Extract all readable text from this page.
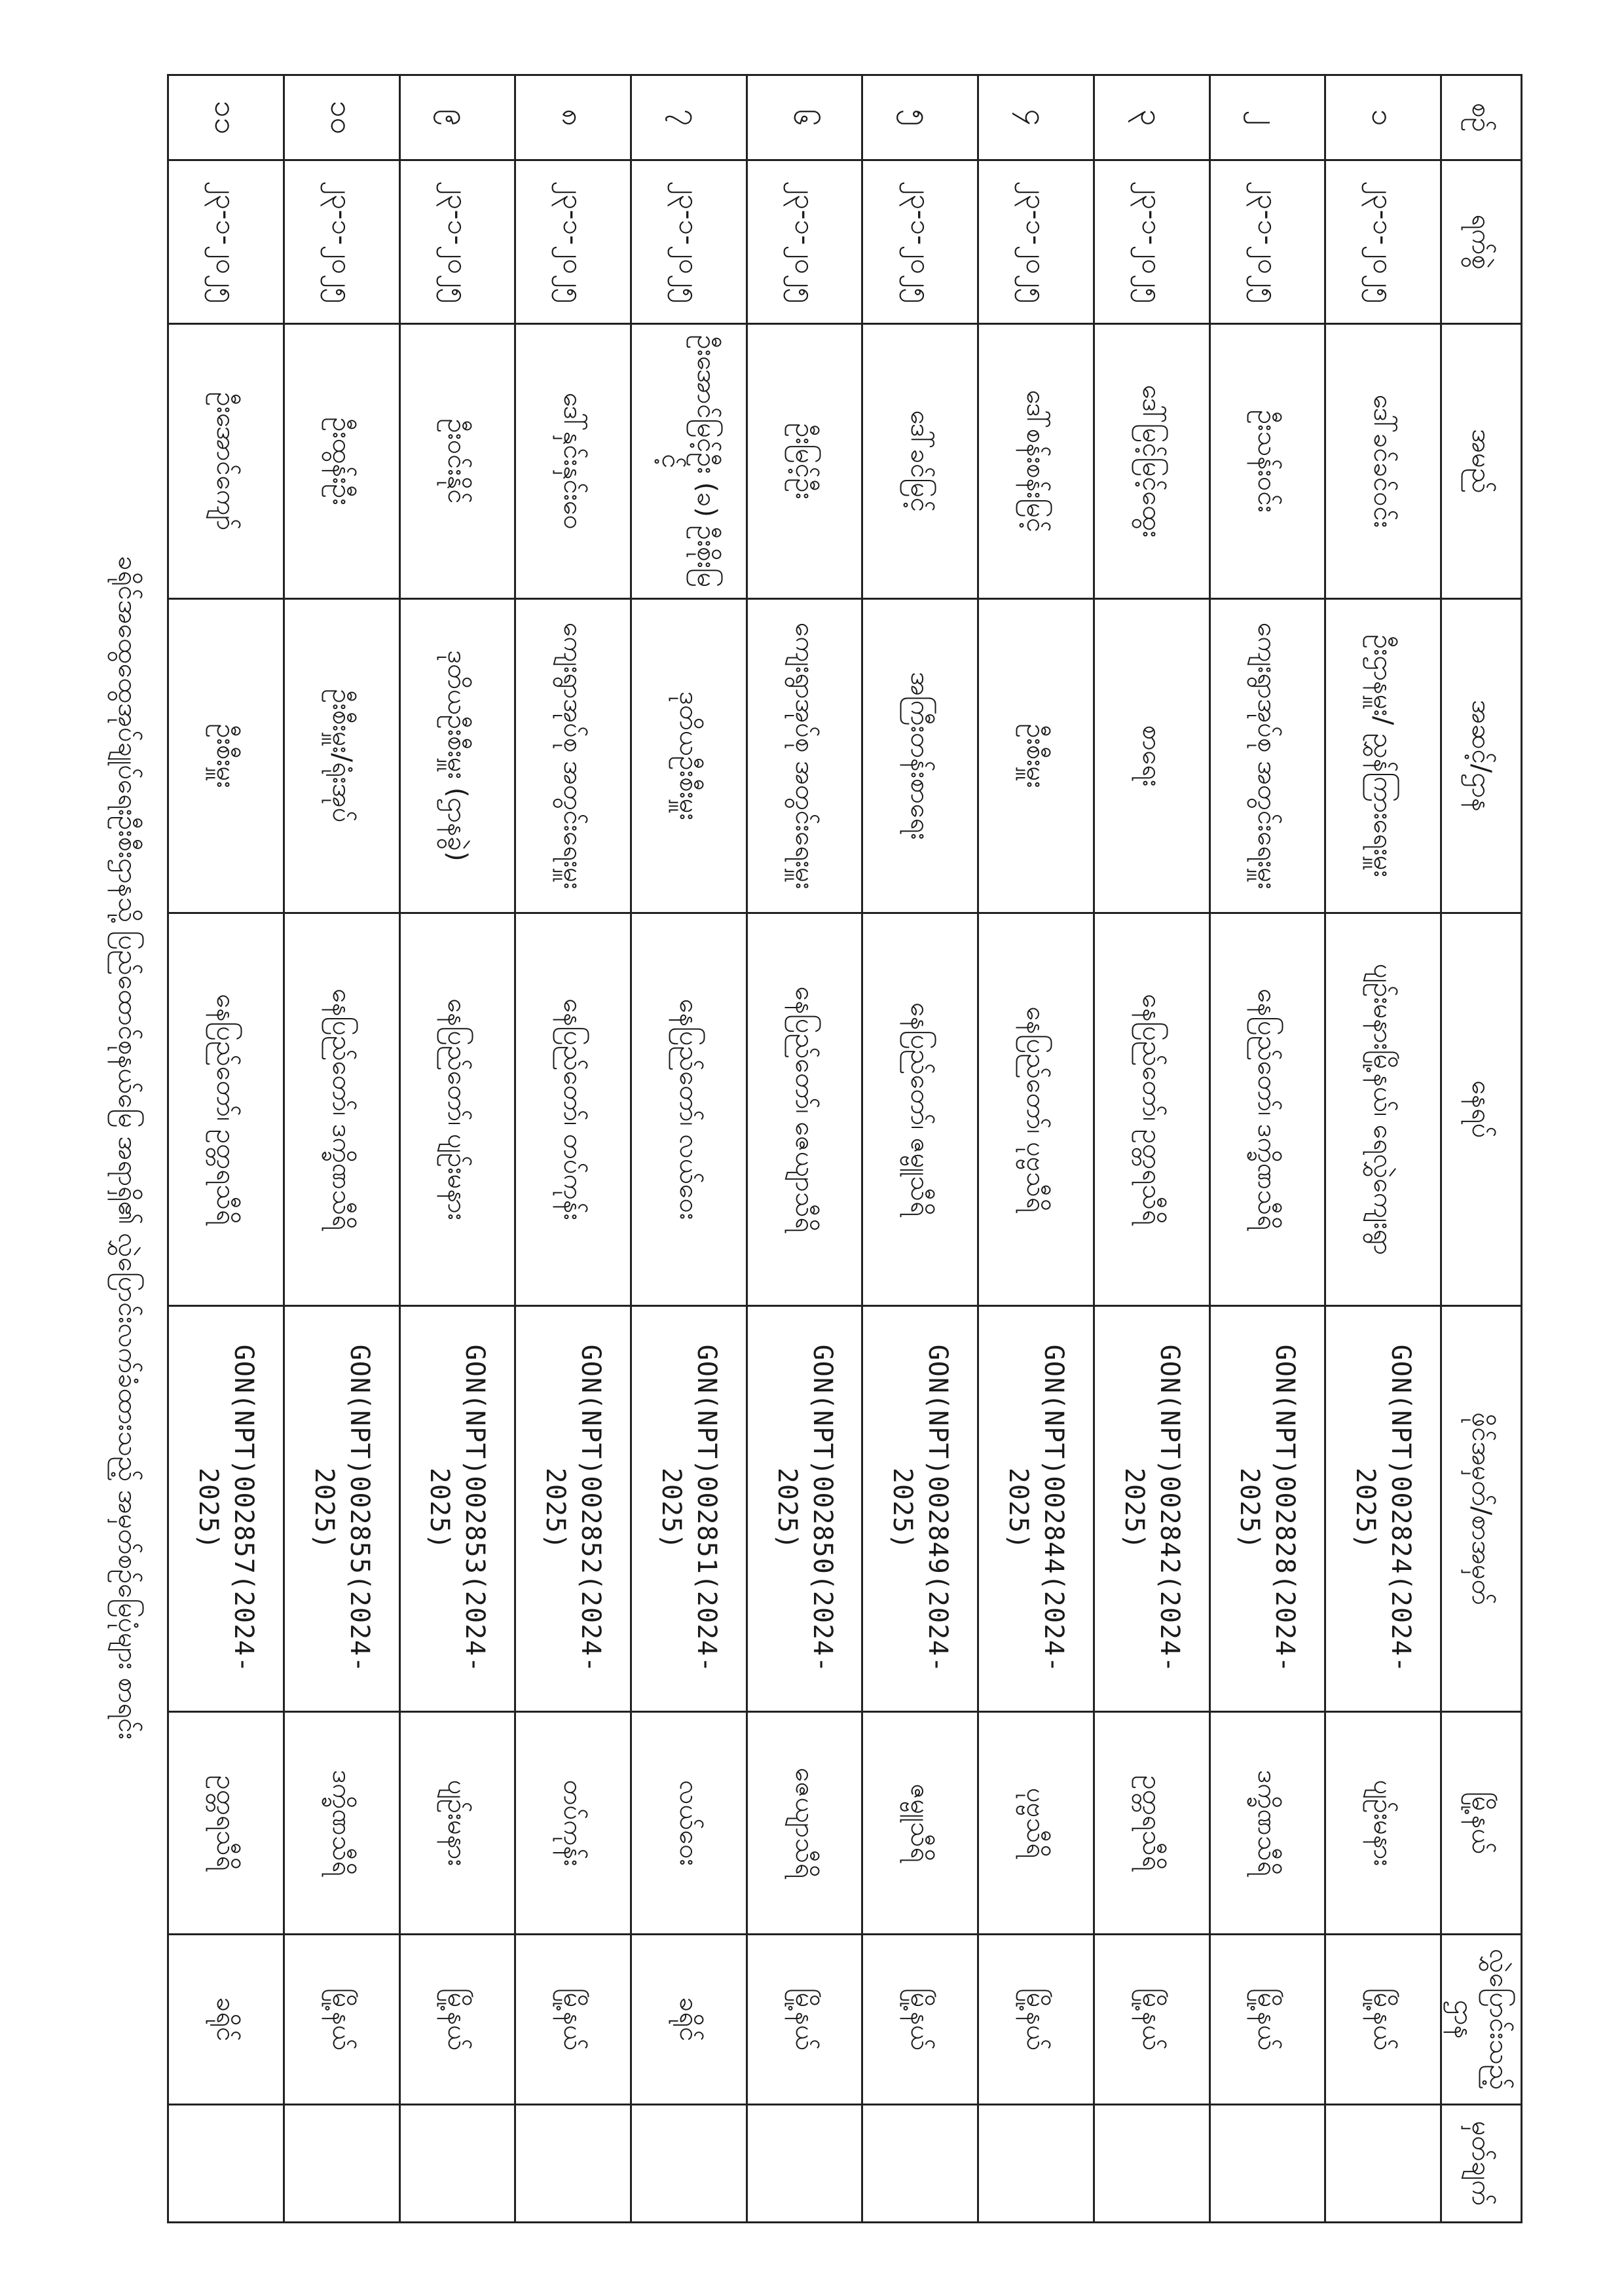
စဉ်	ရက်စွဲ	အမည်	အဆင့်/ဌာန	နေရပ်	ဖိုင်အမှတ်/စာအမှတ်	မြို့နယ်	လွှဲပြောင်းသည့် ဌာန	မှတ်ချက်
၁	၂၃-၁-၂၀၂၅	ဒေါ်ခင်ခင်ဝင်း	ဦးဌာနမှူး/ ညွှန်ကြားရေးမှူး	ပျဉ်းမနားမြို့နယ်၊ ရေလွှဲကျေးရွာ	GON(NPT)002824(2024-2025)	ပျဉ်းမနား	မြို့နယ်	
၂	၂၃-၁-၂၀၂၅	ဦးသန်းဝင်း	ကျေးရွာအုပ်စု အတွင်းရေးမှူး	နေပြည်တော်၊ ဒက္ခိဏသီရိ	GON(NPT)002828(2024-2025)	ဒက္ခိဏသီရိ	မြို့နယ်	
၃	၂၃-၁-၂၀၂၅	ဒေါ်မြင့်မြင့်ထွေး	စာရေး	နေပြည်တော်၊ ဥတ္တရသီရိ	GON(NPT)002842(2024-2025)	ဥတ္တရသီရိ	မြို့နယ်	
၄	၂၃-၁-၂၀၂၅	ဒေါ်စန်းစန်းမြင့်	ဦးစီးမှူး	နေပြည်တော်၊ ပုဗ္ဗသီရိ	GON(NPT)002844(2024-2025)	ပုဗ္ဗသီရိ	မြို့နယ်	
၅	၂၃-၁-၂၀၂၅	ဒေါ်ခင်မြင့်	အကြီးတန်းစာရေး	နေပြည်တော်၊ ဇမ္ဗူသီရိ	GON(NPT)002849(2024-2025)	ဇမ္ဗူသီရိ	မြို့နယ်	
၆	၂၃-၁-၂၀၂၅	ဦးမြင့်ဦး	ကျေးရွာအုပ်စု အတွင်းရေးမှူး	နေပြည်တော်၊ ဇေယျာသီရိ	GON(NPT)002850(2024-2025)	ဇေယျာသီရိ	မြို့နယ်	
၇	၂၃-၁-၂၀၂၅	ဦးအောင်မြင့်ဦး (ခ) ဦးစိုးမြင့်	ဒုတိယဦးစီးမှူး	နေပြည်တော်၊ လယ်ဝေး	GON(NPT)002851(2024-2025)	လယ်ဝေး	ခရိုင်	
၈	၂၃-၁-၂၀၂၅	ဒေါ်နှင်းနှင်းဝေ	ကျေးရွာအုပ်စု အတွင်းရေးမှူး	နေပြည်တော်၊ တပ်ကုန်း	GON(NPT)002852(2024-2025)	တပ်ကုန်း	မြို့နယ်	
၉	၂၃-၁-၂၀၂၅	ဦးဝင်းနိုင်	ဒုတိယဦးစီးမှူး (ဌာနခွဲ)	နေပြည်တော်၊ ပျဉ်းမနား	GON(NPT)002853(2024-2025)	ပျဉ်းမနား	မြို့နယ်	
၁၀	၂၃-၁-၂၀၂၅	ဦးထွန်းဦး	ဦးစီးမှူး/ရုံးအုပ်	နေပြည်တော်၊ ဒက္ခိဏသီရိ	GON(NPT)002855(2024-2025)	ဒက္ခိဏသီရိ	မြို့နယ်	
၁၁	၂၃-၁-၂၀၂၅	ဦးအောင်ကျော်	ဦးစီးမှူး	နေပြည်တော်၊ ဥတ္တရသီရိ	GON(NPT)002857(2024-2025)	ဥတ္တရသီရိ	ခရိုင်	
ခရိုင်အထွေထွေအုပ်ချုပ်ရေးဦးစီးဌာနသို့ ပြည်ထောင်စုနယ်မြေ အရာရှိ၏ လွှဲပြောင်းလက်ခံထားသည့် အမှတ်စဉ်မြေပုံများ စာရင်း
